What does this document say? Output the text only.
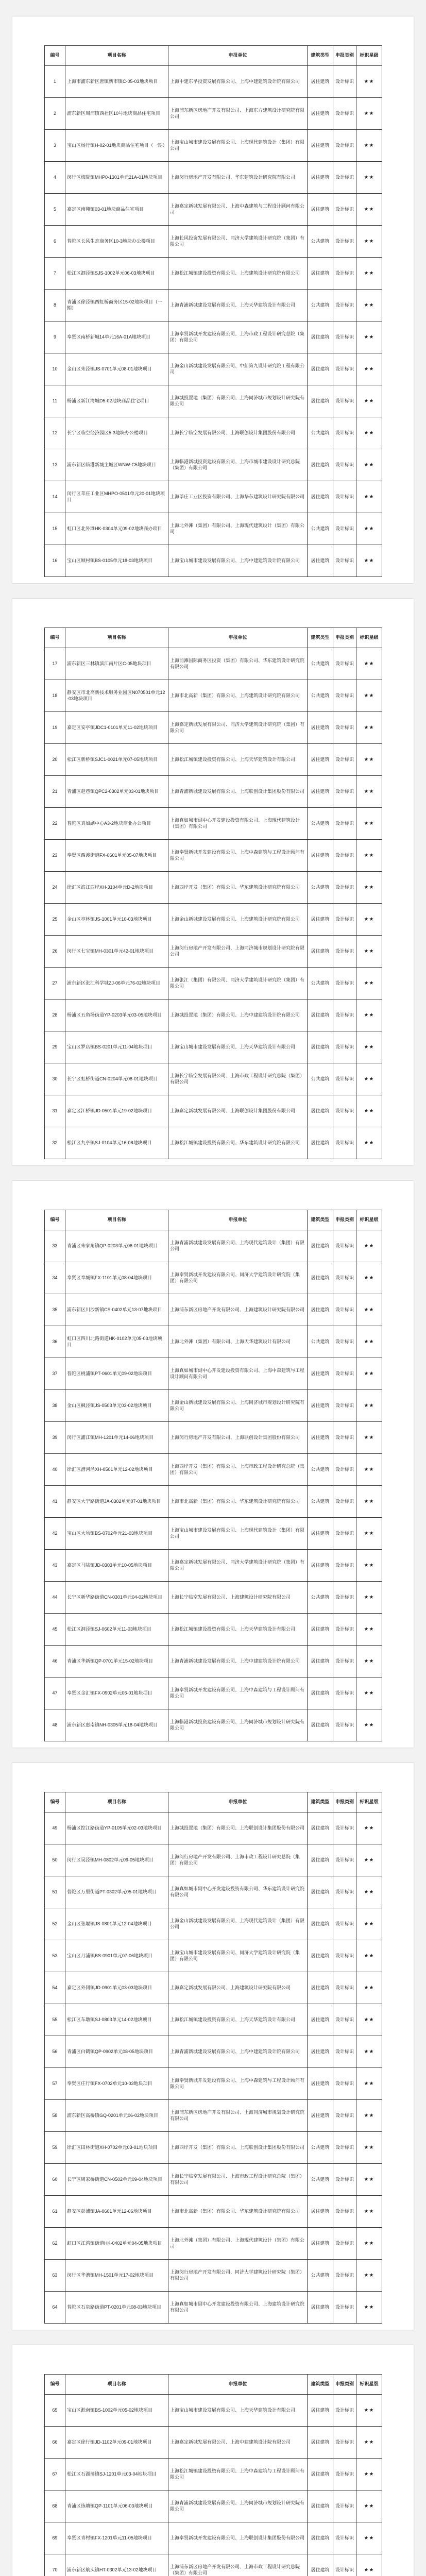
编号	项目名称	申报单位	建筑类型	申报类别	标识星级
1	上海市浦东新区唐镇新市镇C-05-03地块项目	上海中建东孚投资发展有限公司、上海中建建筑设计院有限公司	居住建筑	设计标识	★★
2	浦东新区周浦镇西社区10号地块商品住宅项目	上海浦东新区房地产开发有限公司、上海东方建筑设计研究院有限公司	居住建筑	设计标识	★★
3	宝山区杨行镇H-02-01地块商品住宅项目（一期）	上海宝山城市建设发展有限公司、上海现代建筑设计（集团）有限公司	居住建筑	设计标识	★★
4	闵行区梅陇镇MHP0-1301单元21A-01地块项目	上海闵行房地产开发有限公司、华东建筑设计研究院有限公司	居住建筑	设计标识	★★
5	嘉定区南翔镇03-01地块商品住宅项目	上海嘉定新城发展有限公司、上海中森建筑与工程设计顾问有限公司	居住建筑	设计标识	★★
6	普陀区长风生态商务区10-3地块办公楼项目	上海长风投资发展有限公司、同济大学建筑设计研究院（集团）有限公司	公共建筑	设计标识	★★
7	松江区泗泾镇SJS-1002单元06-03地块项目	上海松江城镇建设投资有限公司、上海建筑设计研究院有限公司	居住建筑	设计标识	★★
8	青浦区徐泾镇西虹桥商务区15-02地块项目（一期）	上海青浦新城建设发展有限公司、上海天华建筑设计有限公司	公共建筑	设计标识	★★
9	奉贤区南桥新城14单元16A-01A地块项目	上海奉贤新城开发建设有限公司、上海市政工程设计研究总院（集团）有限公司	居住建筑	设计标识	★★
10	金山区朱泾镇JS-0701单元08-01地块项目	上海金山新城建设发展有限公司、中船第九设计研究院工程有限公司	居住建筑	设计标识	★★
11	杨浦区新江湾城D5-02地块商品住宅项目	上海城投置地（集团）有限公司、上海同济城市规划设计研究院有限公司	居住建筑	设计标识	★★
12	长宁区临空经济园区5-3地块办公楼项目	上海长宁临空发展有限公司、上海联创设计集团股份有限公司	公共建筑	设计标识	★★
13	浦东新区临港新城主城区WNW-C5地块项目	上海临港新城投资建设有限公司、上海市城市建设设计研究总院（集团）有限公司	居住建筑	设计标识	★★
14	闵行区莘庄工业区MHPO-0501单元20-01地块项目	上海莘庄工业区投资有限公司、上海华东建筑设计研究院有限公司	居住建筑	设计标识	★★
15	虹口区北外滩HK-0304单元09-02地块商办项目	上海北外滩（集团）有限公司、上海现代建筑设计（集团）有限公司	公共建筑	设计标识	★★
16	宝山区顾村镇BS-0105单元18-03地块项目	上海宝山城市建设发展有限公司、上海中建建筑设计院有限公司	居住建筑	设计标识	★★
编号	项目名称	申报单位	建筑类型	申报类别	标识星级
17	浦东新区三林镇滨江南片区C-05地块项目	上海前滩国际商务区投资（集团）有限公司、华东建筑设计研究院有限公司	公共建筑	设计标识	★★
18	静安区市北高新技术服务业园区N070501单元12-03地块项目	上海市北高新（集团）有限公司、上海建筑设计研究院有限公司	公共建筑	设计标识	★★
19	嘉定区安亭镇JDC1-0101单元11-02地块项目	上海嘉定新城发展有限公司、同济大学建筑设计研究院（集团）有限公司	居住建筑	设计标识	★★
20	松江区新桥镇SJC1-0021单元07-05地块项目	上海松江城镇建设投资有限公司、上海天华建筑设计有限公司	居住建筑	设计标识	★★
21	青浦区赵巷镇QPC2-0302单元03-01地块项目	上海青浦新城建设发展有限公司、上海联创设计集团股份有限公司	居住建筑	设计标识	★★
22	普陀区真如副中心A3-2地块商业办公项目	上海真如城市副中心开发建设投资有限公司、上海现代建筑设计（集团）有限公司	公共建筑	设计标识	★★
23	奉贤区西渡街道FX-0601单元05-07地块项目	上海奉贤新城开发建设有限公司、上海中森建筑与工程设计顾问有限公司	居住建筑	设计标识	★★
24	徐汇区滨江西岸XH-3104单元D-2地块项目	上海西岸开发（集团）有限公司、华东建筑设计研究院有限公司	公共建筑	设计标识	★★
25	金山区亭林镇JS-1001单元10-03地块项目	上海金山新城建设发展有限公司、上海建筑设计研究院有限公司	居住建筑	设计标识	★★
26	闵行区七宝镇MH-0301单元42-01地块项目	上海闵行房地产开发有限公司、上海同济城市规划设计研究院有限公司	居住建筑	设计标识	★★
27	浦东新区张江科学城ZJ-06单元76-02地块项目	上海张江（集团）有限公司、同济大学建筑设计研究院（集团）有限公司	公共建筑	设计标识	★★
28	杨浦区五角场街道YP-0203单元03-05地块项目	上海城投置地（集团）有限公司、上海中建建筑设计院有限公司	居住建筑	设计标识	★★
29	宝山区罗店镇BS-0201单元11-04地块项目	上海宝山城市建设发展有限公司、上海天华建筑设计有限公司	居住建筑	设计标识	★★
30	长宁区虹桥街道CN-0204单元08-01地块项目	上海长宁临空发展有限公司、上海市政工程设计研究总院（集团）有限公司	公共建筑	设计标识	★★
31	嘉定区江桥镇JD-0501单元19-02地块项目	上海嘉定新城发展有限公司、上海联创设计集团股份有限公司	居住建筑	设计标识	★★
32	松江区九亭镇SJ-0104单元16-08地块项目	上海松江城镇建设投资有限公司、华东建筑设计研究院有限公司	居住建筑	设计标识	★★
编号	项目名称	申报单位	建筑类型	申报类别	标识星级
33	青浦区朱家角镇QP-0203单元06-01地块项目	上海青浦新城建设发展有限公司、上海现代建筑设计（集团）有限公司	居住建筑	设计标识	★★
34	奉贤区奉城镇FX-1101单元08-04地块项目	上海奉贤新城开发建设有限公司、同济大学建筑设计研究院（集团）有限公司	居住建筑	设计标识	★★
35	浦东新区川沙新镇CS-0402单元13-07地块项目	上海浦东新区房地产开发有限公司、上海建筑设计研究院有限公司	居住建筑	设计标识	★★
36	虹口区四川北路街道HK-0102单元05-03地块项目	上海北外滩（集团）有限公司、上海天华建筑设计有限公司	公共建筑	设计标识	★★
37	普陀区桃浦镇PT-0601单元09-02地块项目	上海真如城市副中心开发建设投资有限公司、上海中森建筑与工程设计顾问有限公司	居住建筑	设计标识	★★
38	金山区枫泾镇JS-0503单元03-02地块项目	上海金山新城建设发展有限公司、上海同济城市规划设计研究院有限公司	居住建筑	设计标识	★★
39	闵行区浦江镇MH-1201单元14-06地块项目	上海闵行房地产开发有限公司、上海联创设计集团股份有限公司	居住建筑	设计标识	★★
40	徐汇区漕河泾XH-0501单元12-02地块项目	上海西岸开发（集团）有限公司、上海市政工程设计研究总院（集团）有限公司	公共建筑	设计标识	★★
41	静安区大宁路街道JA-0302单元07-01地块项目	上海市北高新（集团）有限公司、华东建筑设计研究院有限公司	公共建筑	设计标识	★★
42	宝山区大场镇BS-0702单元21-03地块项目	上海宝山城市建设发展有限公司、上海现代建筑设计（集团）有限公司	居住建筑	设计标识	★★
43	嘉定区马陆镇JD-0303单元10-05地块项目	上海嘉定新城发展有限公司、同济大学建筑设计研究院（集团）有限公司	居住建筑	设计标识	★★
44	长宁区新华路街道CN-0301单元04-02地块项目	上海长宁临空发展有限公司、上海建筑设计研究院有限公司	公共建筑	设计标识	★★
45	松江区洞泾镇SJ-0602单元11-03地块项目	上海松江城镇建设投资有限公司、上海天华建筑设计有限公司	居住建筑	设计标识	★★
46	青浦区华新镇QP-0701单元15-02地块项目	上海青浦新城建设发展有限公司、上海中建建筑设计院有限公司	居住建筑	设计标识	★★
47	奉贤区金汇镇FX-0902单元06-01地块项目	上海奉贤新城开发建设有限公司、上海中森建筑与工程设计顾问有限公司	居住建筑	设计标识	★★
48	浦东新区惠南镇NH-0305单元18-04地块项目	上海临港新城投资建设有限公司、上海同济城市规划设计研究院有限公司	居住建筑	设计标识	★★
编号	项目名称	申报单位	建筑类型	申报类别	标识星级
49	杨浦区控江路街道YP-0105单元02-03地块项目	上海城投置地（集团）有限公司、上海联创设计集团股份有限公司	居住建筑	设计标识	★★
50	闵行区吴泾镇MH-0802单元09-05地块项目	上海闵行房地产开发有限公司、上海市政工程设计研究总院（集团）有限公司	居住建筑	设计标识	★★
51	普陀区万里街道PT-0302单元05-01地块项目	上海真如城市副中心开发建设投资有限公司、华东建筑设计研究院有限公司	居住建筑	设计标识	★★
52	金山区张堰镇JS-0801单元12-04地块项目	上海金山新城建设发展有限公司、上海现代建筑设计（集团）有限公司	居住建筑	设计标识	★★
53	宝山区月浦镇BS-0901单元07-06地块项目	上海宝山城市建设发展有限公司、同济大学建筑设计研究院（集团）有限公司	居住建筑	设计标识	★★
54	嘉定区外冈镇JD-0901单元03-03地块项目	上海嘉定新城发展有限公司、上海建筑设计研究院有限公司	居住建筑	设计标识	★★
55	松江区车墩镇SJ-0803单元14-02地块项目	上海松江城镇建设投资有限公司、上海天华建筑设计有限公司	居住建筑	设计标识	★★
56	青浦区白鹤镇QP-0902单元08-05地块项目	上海青浦新城建设发展有限公司、上海中建建筑设计院有限公司	居住建筑	设计标识	★★
57	奉贤区庄行镇FX-0702单元10-03地块项目	上海奉贤新城开发建设有限公司、上海中森建筑与工程设计顾问有限公司	居住建筑	设计标识	★★
58	浦东新区高桥镇GQ-0201单元06-02地块项目	上海浦东新区房地产开发有限公司、上海同济城市规划设计研究院有限公司	居住建筑	设计标识	★★
59	徐汇区田林街道XH-0702单元03-01地块项目	上海西岸开发（集团）有限公司、上海联创设计集团股份有限公司	公共建筑	设计标识	★★
60	长宁区周家桥街道CN-0502单元09-04地块项目	上海长宁临空发展有限公司、上海市政工程设计研究总院（集团）有限公司	公共建筑	设计标识	★★
61	静安区彭浦镇JA-0601单元12-06地块项目	上海市北高新（集团）有限公司、华东建筑设计研究院有限公司	居住建筑	设计标识	★★
62	虹口区江湾镇街道HK-0402单元04-05地块项目	上海北外滩（集团）有限公司、上海现代建筑设计（集团）有限公司	居住建筑	设计标识	★★
63	闵行区华漕镇MH-1501单元17-02地块项目	上海闵行房地产开发有限公司、同济大学建筑设计研究院（集团）有限公司	公共建筑	设计标识	★★
64	普陀区石泉路街道PT-0201单元08-03地块项目	上海真如城市副中心开发建设投资有限公司、上海建筑设计研究院有限公司	居住建筑	设计标识	★★
编号	项目名称	申报单位	建筑类型	申报类别	标识星级
65	宝山区淞南镇BS-1002单元05-02地块项目	上海宝山城市建设发展有限公司、上海天华建筑设计有限公司	居住建筑	设计标识	★★
66	嘉定区徐行镇JD-1102单元09-01地块项目	上海嘉定新城发展有限公司、上海中建建筑设计院有限公司	居住建筑	设计标识	★★
67	松江区石湖荡镇SJ-1201单元03-04地块项目	上海松江城镇建设投资有限公司、上海中森建筑与工程设计顾问有限公司	居住建筑	设计标识	★★
68	青浦区练塘镇QP-1101单元06-03地块项目	上海青浦新城建设发展有限公司、上海同济城市规划设计研究院有限公司	居住建筑	设计标识	★★
69	奉贤区青村镇FX-1201单元11-05地块项目	上海奉贤新城开发建设有限公司、上海联创设计集团股份有限公司	居住建筑	设计标识	★★
70	浦东新区航头镇HT-0302单元13-02地块项目	上海浦东新区房地产开发有限公司、上海市政工程设计研究总院（集团）有限公司	居住建筑	设计标识	★★
